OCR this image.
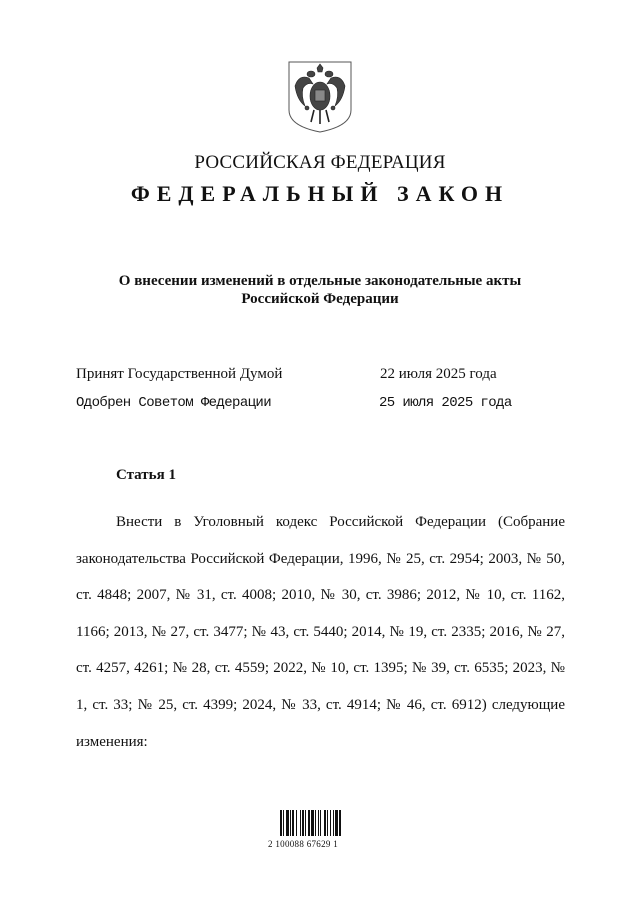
РОССИЙСКАЯ ФЕДЕРАЦИЯ
ФЕДЕРАЛЬНЫЙ ЗАКОН
О внесении изменений в отдельные законодательные акты Российской Федерации
Принят Государственной Думой	22 июля 2025 года
Одобрен Советом Федерации	25 июля 2025 года
Статья 1
Внести в Уголовный кодекс Российской Федерации (Собрание законодательства Российской Федерации, 1996, № 25, ст. 2954; 2003, № 50, ст. 4848; 2007, № 31, ст. 4008; 2010, № 30, ст. 3986; 2012, № 10, ст. 1162, 1166; 2013, № 27, ст. 3477; № 43, ст. 5440; 2014, № 19, ст. 2335; 2016, № 27, ст. 4257, 4261; № 28, ст. 4559; 2022, № 10, ст. 1395; № 39, ст. 6535; 2023, № 1, ст. 33; № 25, ст. 4399; 2024, № 33, ст. 4914; № 46, ст. 6912) следующие изменения:
2 100088 67629 1
